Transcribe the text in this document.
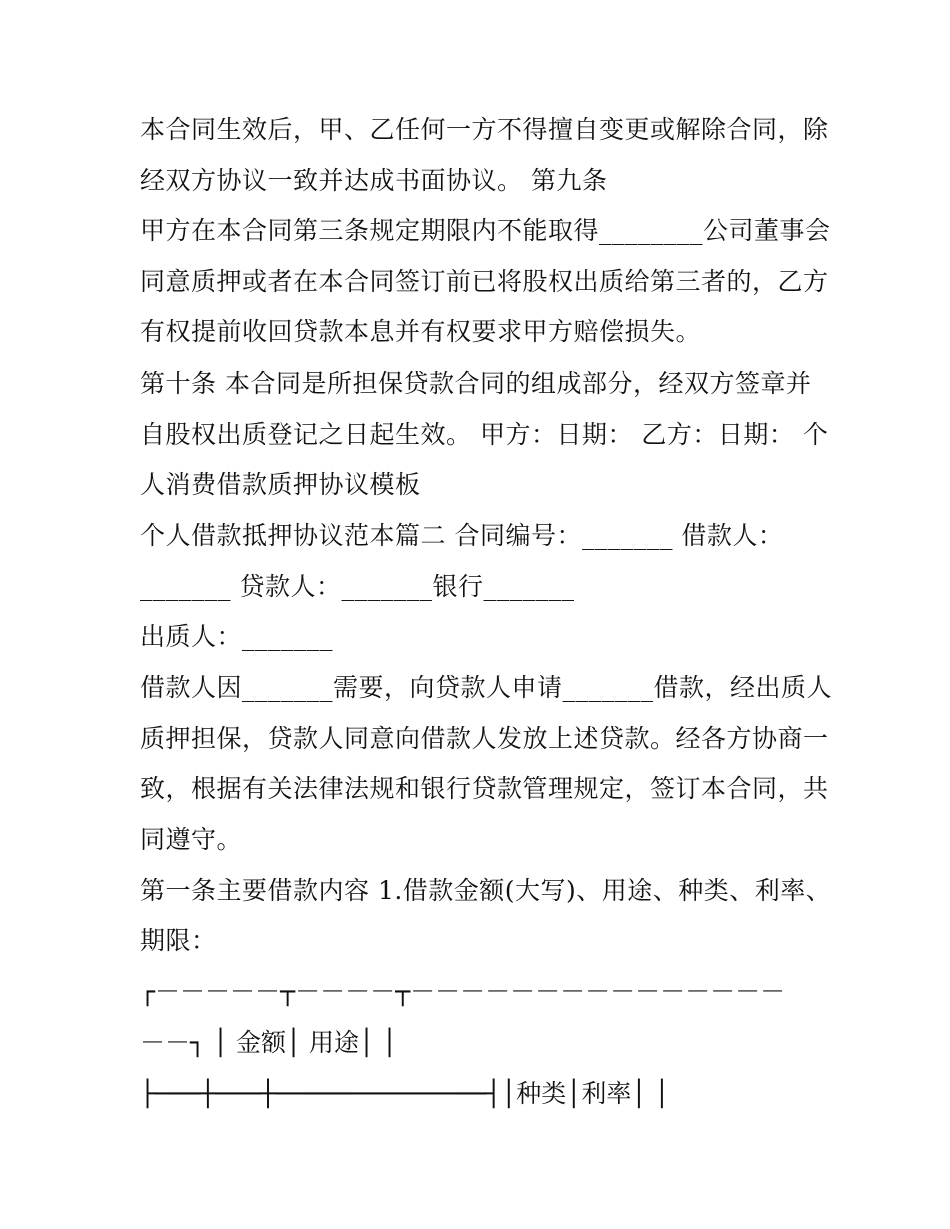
本合同生效后，甲、乙任何一方不得擅自变更或解除合同，除
经双方协议一致并达成书面协议。 第九条
甲方在本合同第三条规定期限内不能取得________公司董事会
同意质押或者在本合同签订前已将股权出质给第三者的，乙方
有权提前收回贷款本息并有权要求甲方赔偿损失。
第十条 本合同是所担保贷款合同的组成部分，经双方签章并
自股权出质登记之日起生效。 甲方：日期： 乙方：日期： 个
人消费借款质押协议模板
个人借款抵押协议范本篇二 合同编号：_______ 借款人：
_______ 贷款人：_______银行_______
出质人：_______
借款人因_______需要，向贷款人申请_______借款，经出质人
质押担保，贷款人同意向借款人发放上述贷款。经各方协商一
致，根据有关法律法规和银行贷款管理规定，签订本合同，共
同遵守。
第一条主要借款内容 1.借款金额(大写)、用途、种类、利率、
期限：
┌－－－－－┬－－－－┬－－－－－－－－－－－－－－－
－－┐ │ 金额│ 用途│ │
├───┼───┼──────────────┤│种类│利率│ │
